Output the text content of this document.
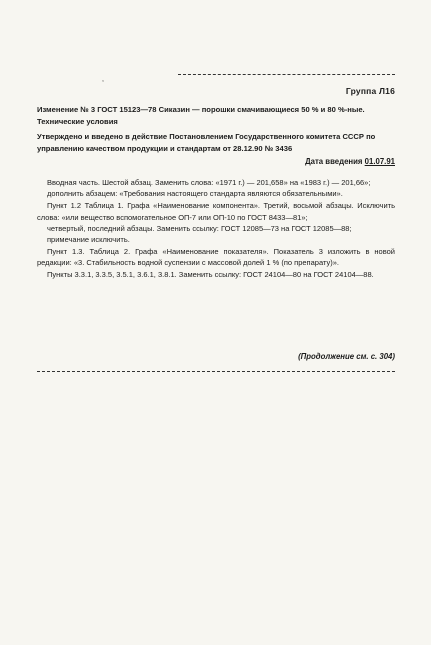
,
Группа Л16
Изменение № 3 ГОСТ 15123—78 Сиказин — порошки смачивающиеся 50 % и 80 %-ные. Технические условия
Утверждено и введено в действие Постановлением Государственного комитета СССР по управлению качеством продукции и стандартам от 28.12.90 № 3436
Дата введения 01.07.91

Вводная часть. Шестой абзац. Заменить слова: «1971 г.) — 201,658» на «1983 г.) — 201,66»;

дополнить абзацем: «Требования настоящего стандарта являются обязательными».

Пункт 1.2 Таблица 1. Графа «Наименование компонента». Третий, восьмой абзацы. Исключить слова: «или вещество вспомогательное ОП-7 или ОП-10 по ГОСТ 8433—81»;

четвертый, последний абзацы. Заменить ссылку: ГОСТ 12085—73 на ГОСТ 12085—88;

примечание исключить.

Пункт 1.3. Таблица 2. Графа «Наименование показателя». Показатель 3 изложить в новой редакции: «3. Стабильность водной суспензии с массовой долей 1 % (по препарату)».

Пункты 3.3.1, 3.3.5, 3.5.1, 3.6.1, 3.8.1. Заменить ссылку: ГОСТ 24104—80 на ГОСТ 24104—88.

(Продолжение см. с. 304)
